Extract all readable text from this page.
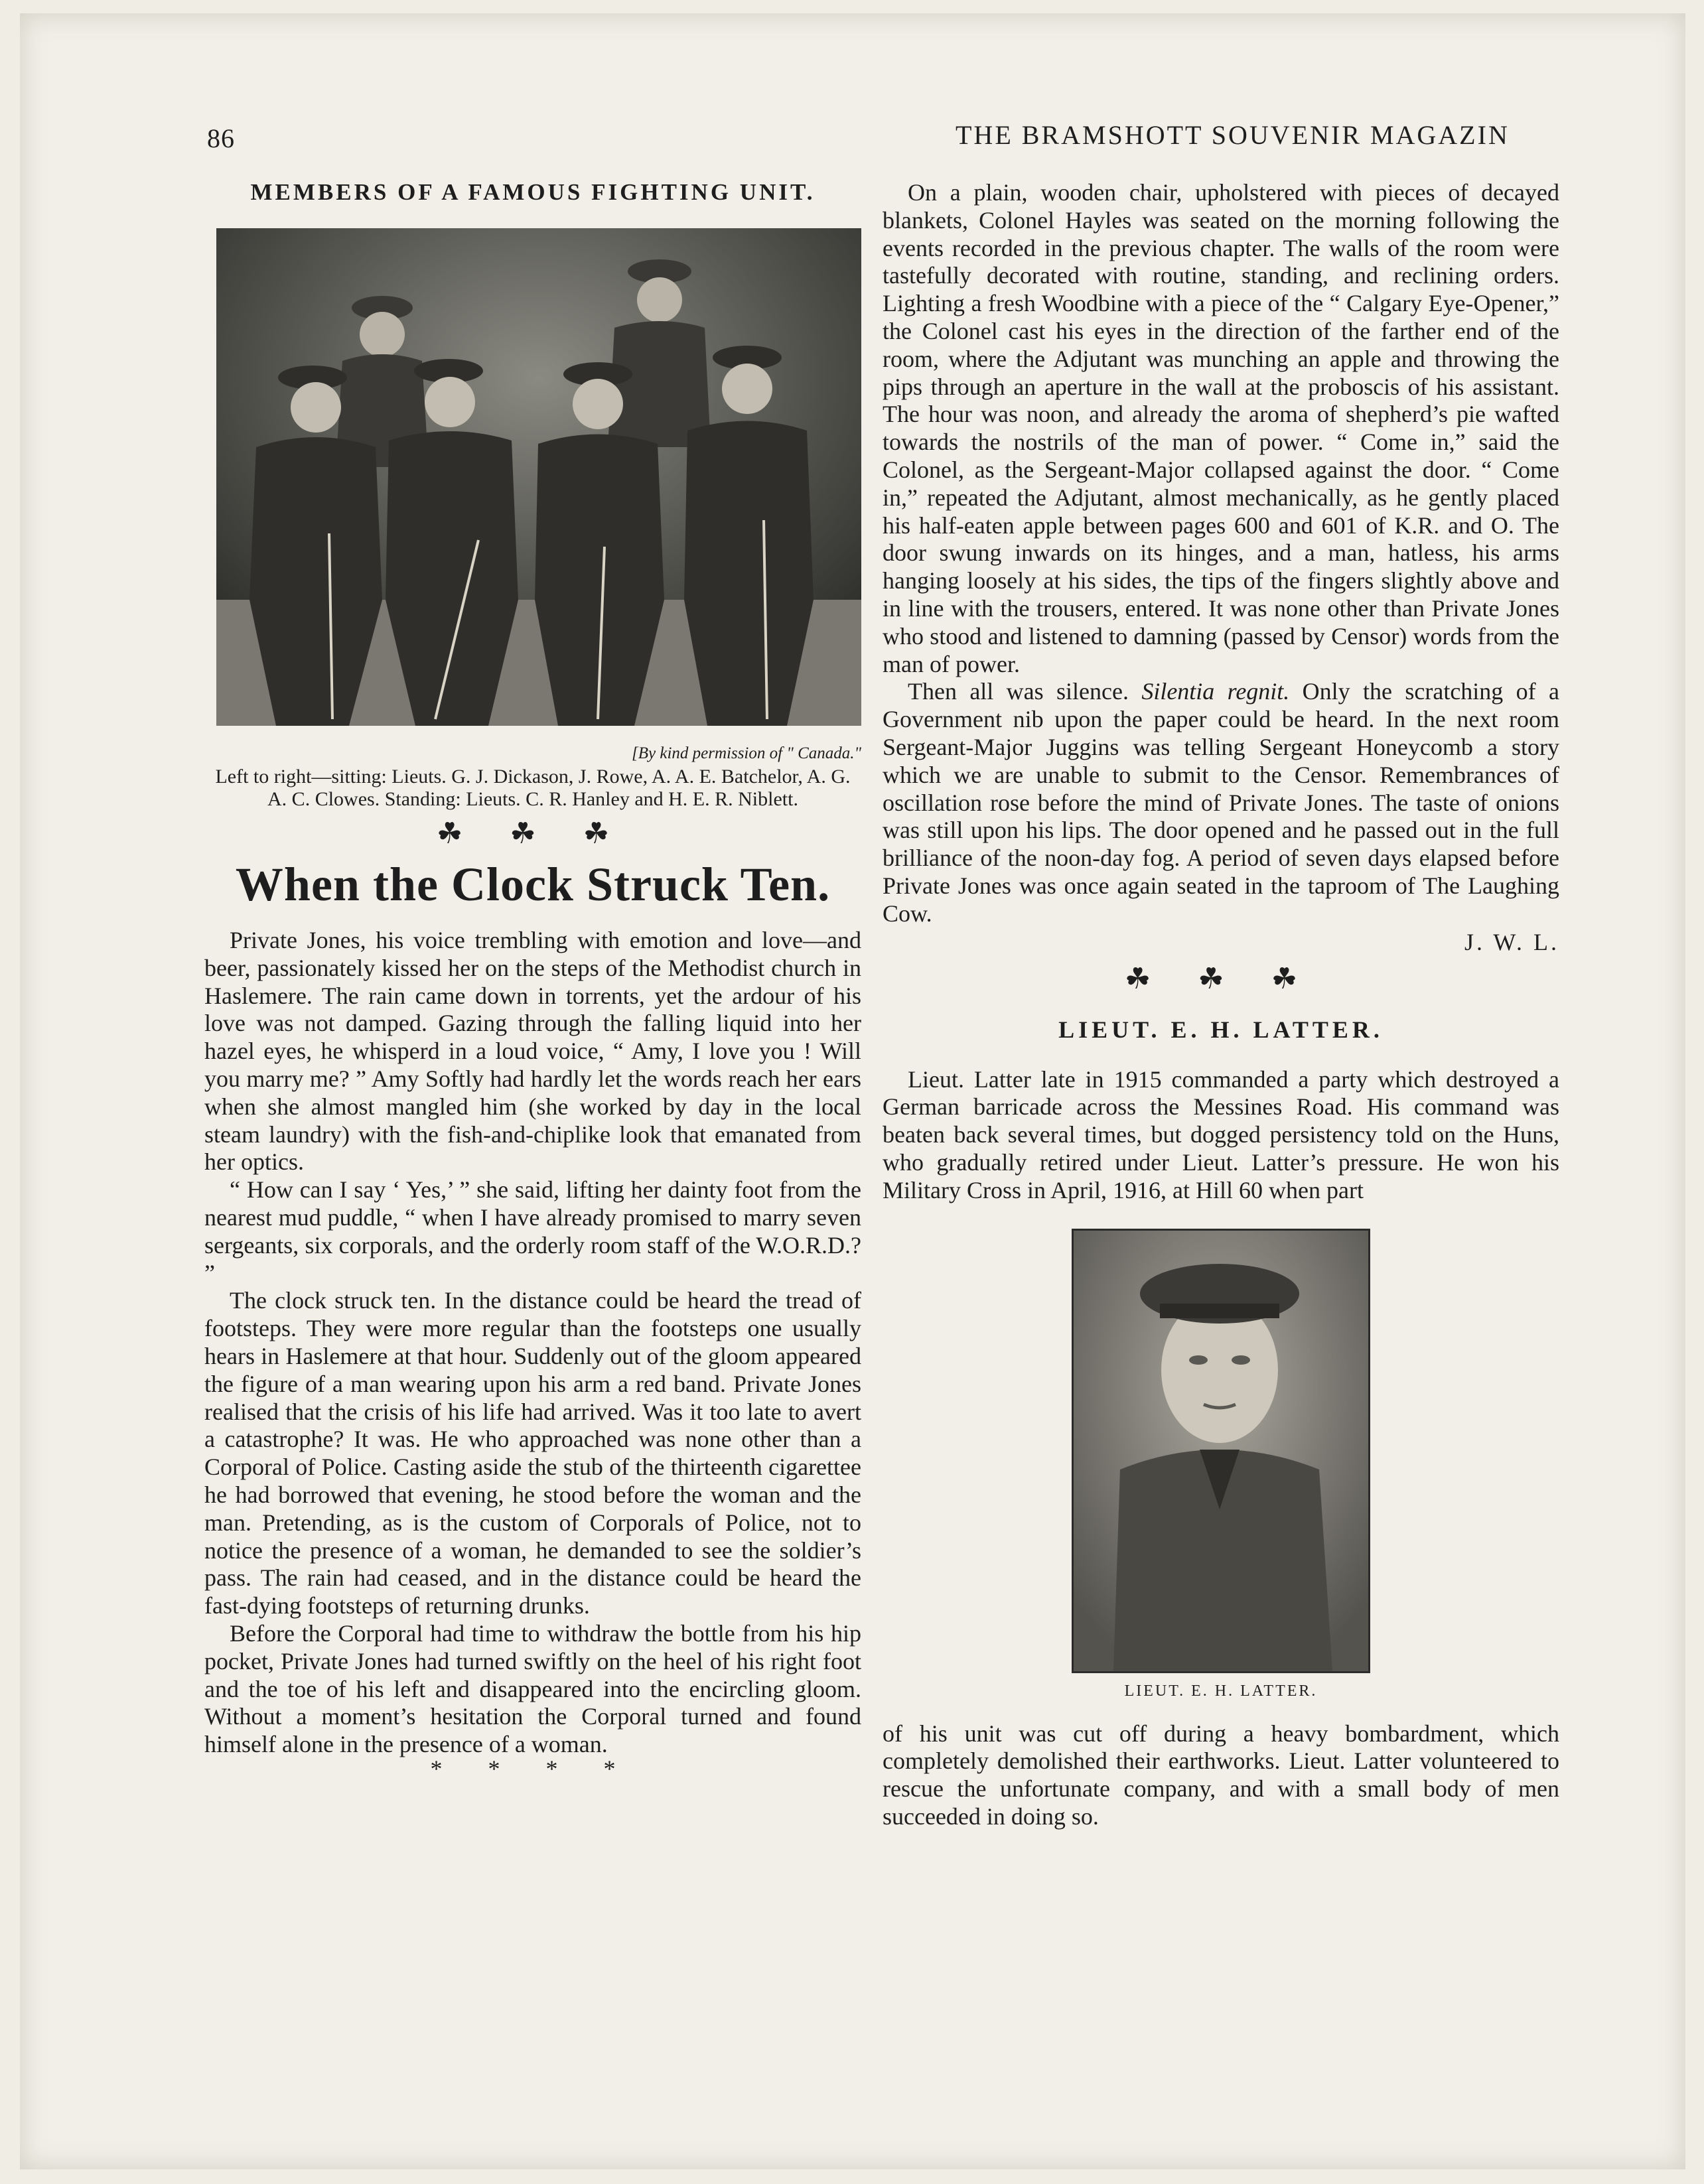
86	THE BRAMSHOTT SOUVENIR MAGAZIN
MEMBERS OF A FAMOUS FIGHTING UNIT.

[By kind permission of " Canada."

Left to right—sitting: Lieuts. G. J. Dickason, J. Rowe, A. A. E. Batchelor, A. G. A. C. Clowes. Standing: Lieuts. C. R. Hanley and H. E. R. Niblett.

☘ ☘ ☘

When the Clock Struck Ten.

Private Jones, his voice trembling with emotion and love—and beer, passionately kissed her on the steps of the Methodist church in Haslemere. The rain came down in torrents, yet the ardour of his love was not damped. Gazing through the falling liquid into her hazel eyes, he whisperd in a loud voice, “ Amy, I love you ! Will you marry me? ” Amy Softly had hardly let the words reach her ears when she almost mangled him (she worked by day in the local steam laundry) with the fish-and-chiplike look that emanated from her optics.

“ How can I say ‘ Yes,’ ” she said, lifting her dainty foot from the nearest mud puddle, “ when I have already promised to marry seven sergeants, six corporals, and the orderly room staff of the W.O.R.D.? ”

The clock struck ten. In the distance could be heard the tread of footsteps. They were more regular than the footsteps one usually hears in Haslemere at that hour. Suddenly out of the gloom appeared the figure of a man wearing upon his arm a red band. Private Jones realised that the crisis of his life had arrived. Was it too late to avert a catastrophe? It was. He who approached was none other than a Corporal of Police. Casting aside the stub of the thirteenth cigarettee he had borrowed that evening, he stood before the woman and the man. Pretending, as is the custom of Corporals of Police, not to notice the presence of a woman, he demanded to see the soldier’s pass. The rain had ceased, and in the distance could be heard the fast-dying footsteps of returning drunks.

Before the Corporal had time to withdraw the bottle from his hip pocket, Private Jones had turned swiftly on the heel of his right foot and the toe of his left and disappeared into the encircling gloom. Without a moment’s hesitation the Corporal turned and found himself alone in the presence of a woman.

* * * *

On a plain, wooden chair, upholstered with pieces of decayed blankets, Colonel Hayles was seated on the morning following the events recorded in the previous chapter. The walls of the room were tastefully decorated with routine, standing, and reclining orders. Lighting a fresh Woodbine with a piece of the “ Calgary Eye-Opener,” the Colonel cast his eyes in the direction of the farther end of the room, where the Adjutant was munching an apple and throwing the pips through an aperture in the wall at the proboscis of his assistant. The hour was noon, and already the aroma of shepherd’s pie wafted towards the nostrils of the man of power. “ Come in,” said the Colonel, as the Sergeant-Major collapsed against the door. “ Come in,” repeated the Adjutant, almost mechanically, as he gently placed his half-eaten apple between pages 600 and 601 of K.R. and O. The door swung inwards on its hinges, and a man, hatless, his arms hanging loosely at his sides, the tips of the fingers slightly above and in line with the trousers, entered. It was none other than Private Jones who stood and listened to damning (passed by Censor) words from the man of power.

Then all was silence. Silentia regnit. Only the scratching of a Government nib upon the paper could be heard. In the next room Sergeant-Major Juggins was telling Sergeant Honeycomb a story which we are unable to submit to the Censor. Remembrances of oscillation rose before the mind of Private Jones. The taste of onions was still upon his lips. The door opened and he passed out in the full brilliance of the noon-day fog. A period of seven days elapsed before Private Jones was once again seated in the taproom of The Laughing Cow.

J. W. L.

☘ ☘ ☘

LIEUT. E. H. LATTER.

Lieut. Latter late in 1915 commanded a party which destroyed a German barricade across the Messines Road. His command was beaten back several times, but dogged persistency told on the Huns, who gradually retired under Lieut. Latter’s pressure. He won his Military Cross in April, 1916, at Hill 60 when part

LIEUT. E. H. LATTER.

of his unit was cut off during a heavy bombardment, which completely demolished their earthworks. Lieut. Latter volunteered to rescue the unfortunate company, and with a small body of men succeeded in doing so.
